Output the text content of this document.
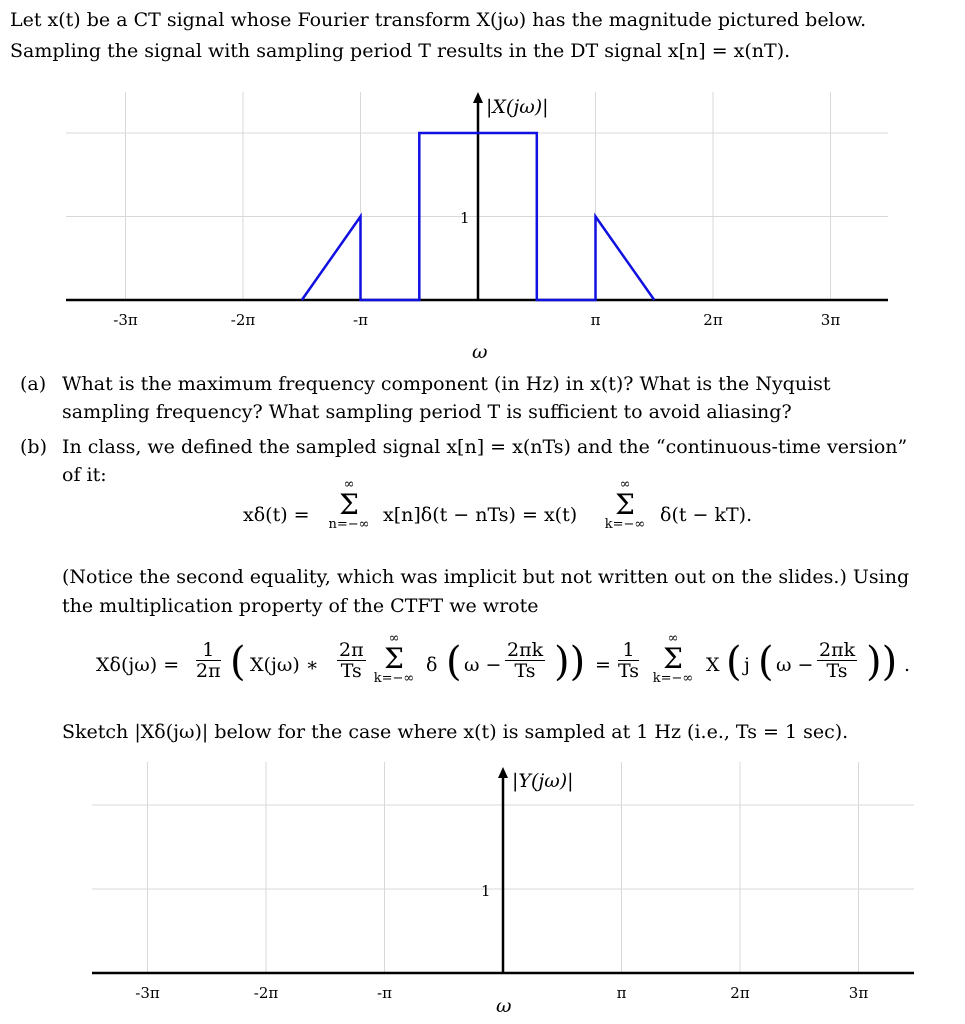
Let x(t) be a CT signal whose Fourier transform X(jω) has the magnitude pictured below.
Sampling the signal with sampling period T results in the DT signal x[n] = x(nT).
-3π	-2π	-π	π	2π	3π
1
|X(jω)|
ω
-3π	-2π	-π	π	2π	3π
1
|Y(jω)|
ω
(a) What is the maximum frequency component (in Hz) in x(t)? What is the Nyquist
sampling frequency? What sampling period T is sufficient to avoid aliasing?
(b) In class, we defined the sampled signal x[n] = x(nTs) and the “continuous-time version”
of it:
xδ(t) =
∞
Σ
n=−∞ x[n]δ(t − nTs) = x(t)
∞
Σ
k=−∞ δ(t − kT).
(Notice the second equality, which was implicit but not written out on the slides.) Using
the multiplication property of the CTFT we wrote
$X\delta(j\omega) = \frac{1}{2\pi}$ ( X(jω) ∗ $\frac{2\pi}{Ts}$
∞
Σ
k=−∞
δ ( $\omega - \frac{2\pi k}{Ts}$ )) = $\frac{1}{Ts}$
∞
Σ
k=−∞
X ( j ( $\omega - \frac{2\pi k}{Ts}$ )) .
Sketch |Xδ(jω)| below for the case where x(t) is sampled at 1 Hz (i.e., Ts = 1 sec).
